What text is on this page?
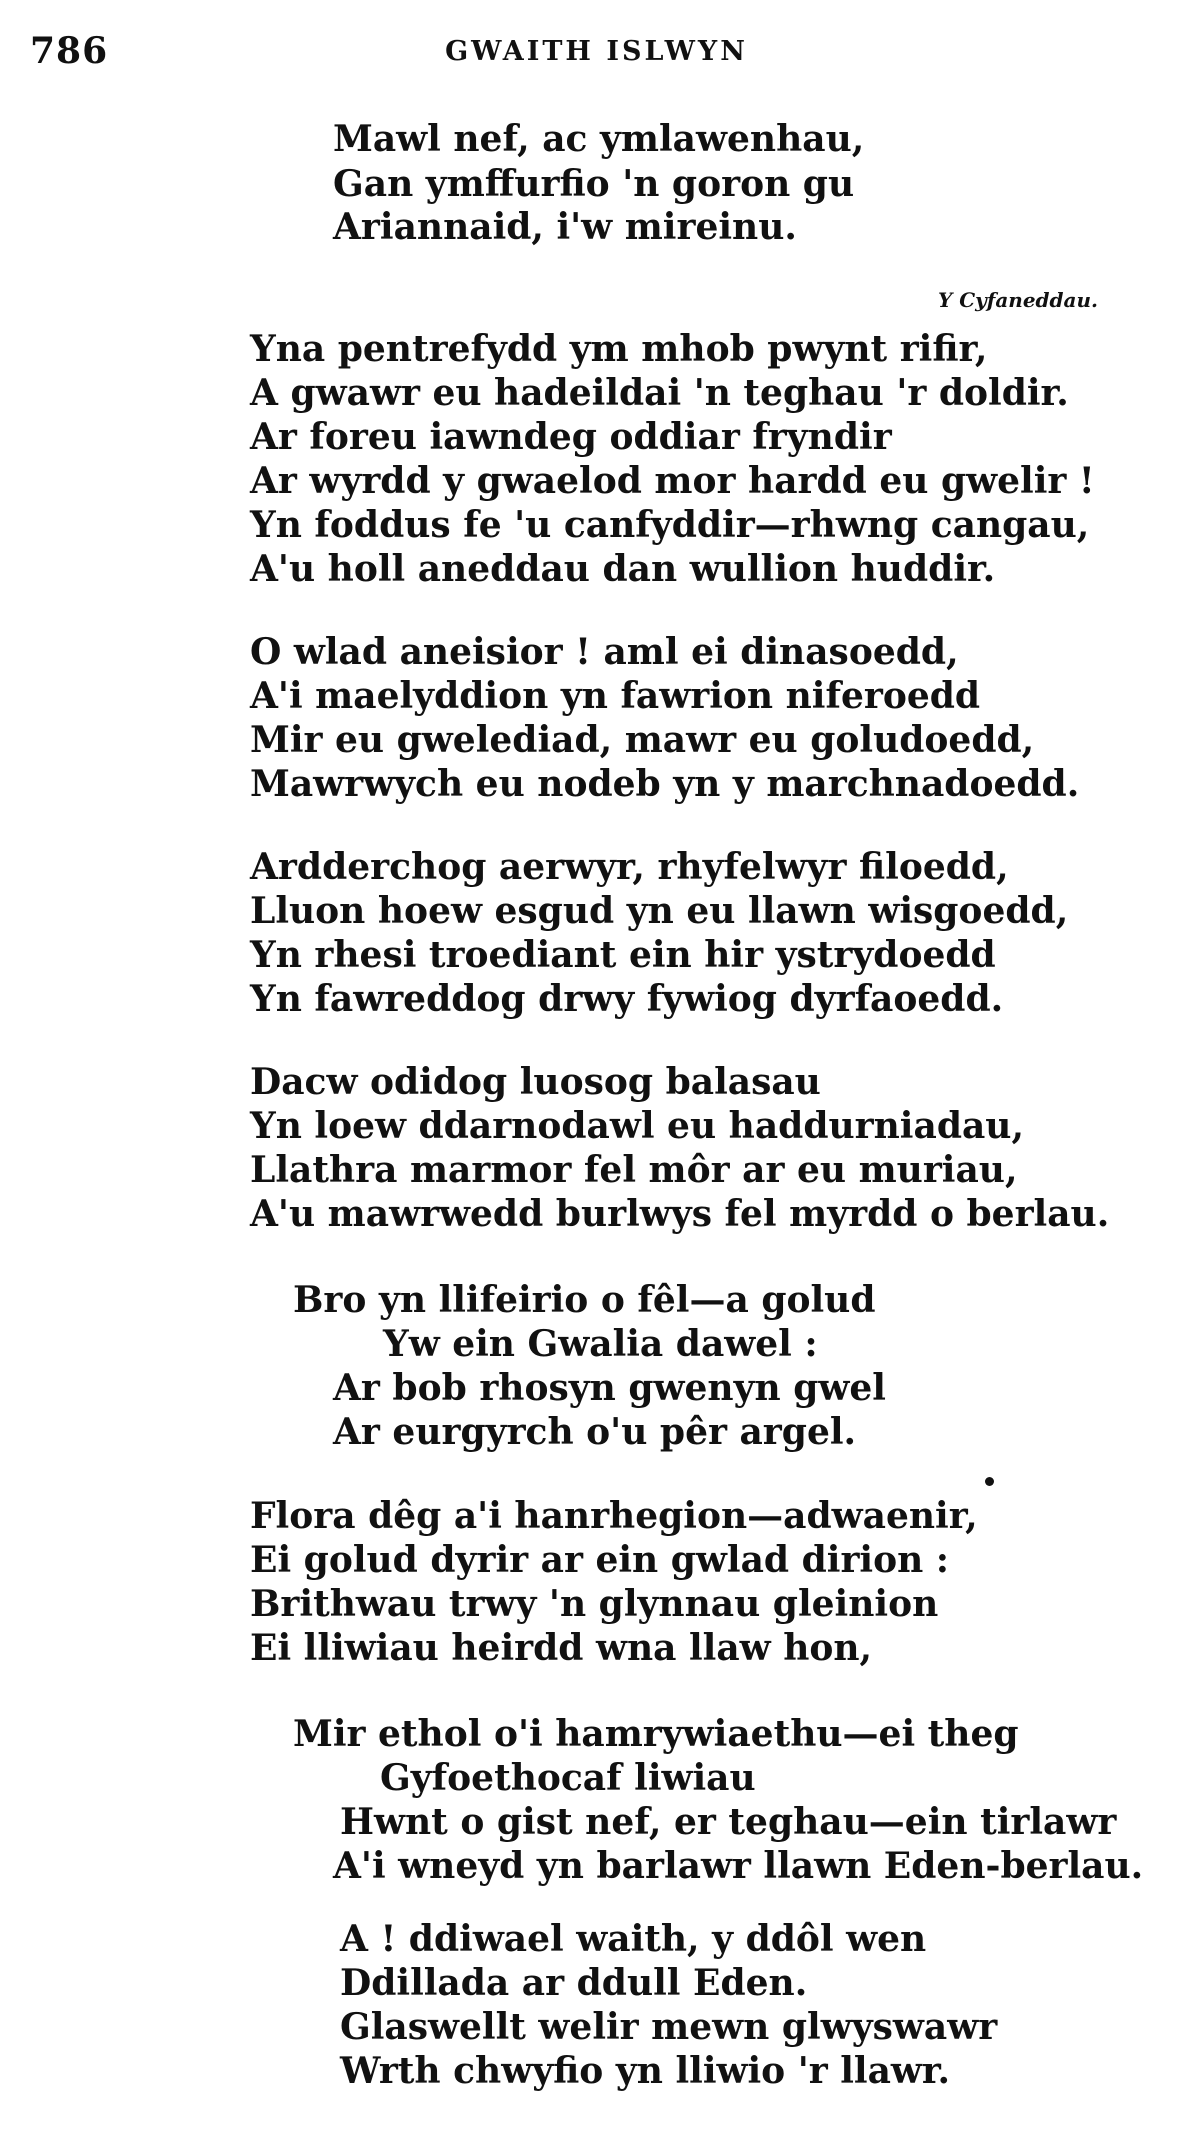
786	GWAITH ISLWYN
Mawl nef, ac ymlawenhau,
Gan ymffurfio 'n goron gu
Ariannaid, i'w mireinu.
Y Cyfaneddau.
Yna pentrefydd ym mhob pwynt rifir,
A gwawr eu hadeildai 'n teghau 'r doldir.
Ar foreu iawndeg oddiar fryndir
Ar wyrdd y gwaelod mor hardd eu gwelir !
Yn foddus fe 'u canfyddir—rhwng cangau,
A'u holl aneddau dan wullion huddir.
O wlad aneisior ! aml ei dinasoedd,
A'i maelyddion yn fawrion niferoedd
Mir eu gwelediad, mawr eu goludoedd,
Mawrwych eu nodeb yn y marchnadoedd.
Ardderchog aerwyr, rhyfelwyr filoedd,
Lluon hoew esgud yn eu llawn wisgoedd,
Yn rhesi troediant ein hir ystrydoedd
Yn fawreddog drwy fywiog dyrfaoedd.
Dacw odidog luosog balasau
Yn loew ddarnodawl eu haddurniadau,
Llathra marmor fel môr ar eu muriau,
A'u mawrwedd burlwys fel myrdd o berlau.
Bro yn llifeirio o fêl—a golud
Yw ein Gwalia dawel :
Ar bob rhosyn gwenyn gwel
Ar eurgyrch o'u pêr argel.
Flora dêg a'i hanrhegion—adwaenir,
Ei golud dyrir ar ein gwlad dirion :
Brithwau trwy 'n glynnau gleinion
Ei lliwiau heirdd wna llaw hon,
Mir ethol o'i hamrywiaethu—ei theg
Gyfoethocaf liwiau
Hwnt o gist nef, er teghau—ein tirlawr
A'i wneyd yn barlawr llawn Eden-berlau.
A ! ddiwael waith, y ddôl wen
Ddillada ar ddull Eden.
Glaswellt welir mewn glwyswawr
Wrth chwyfio yn lliwio 'r llawr.
